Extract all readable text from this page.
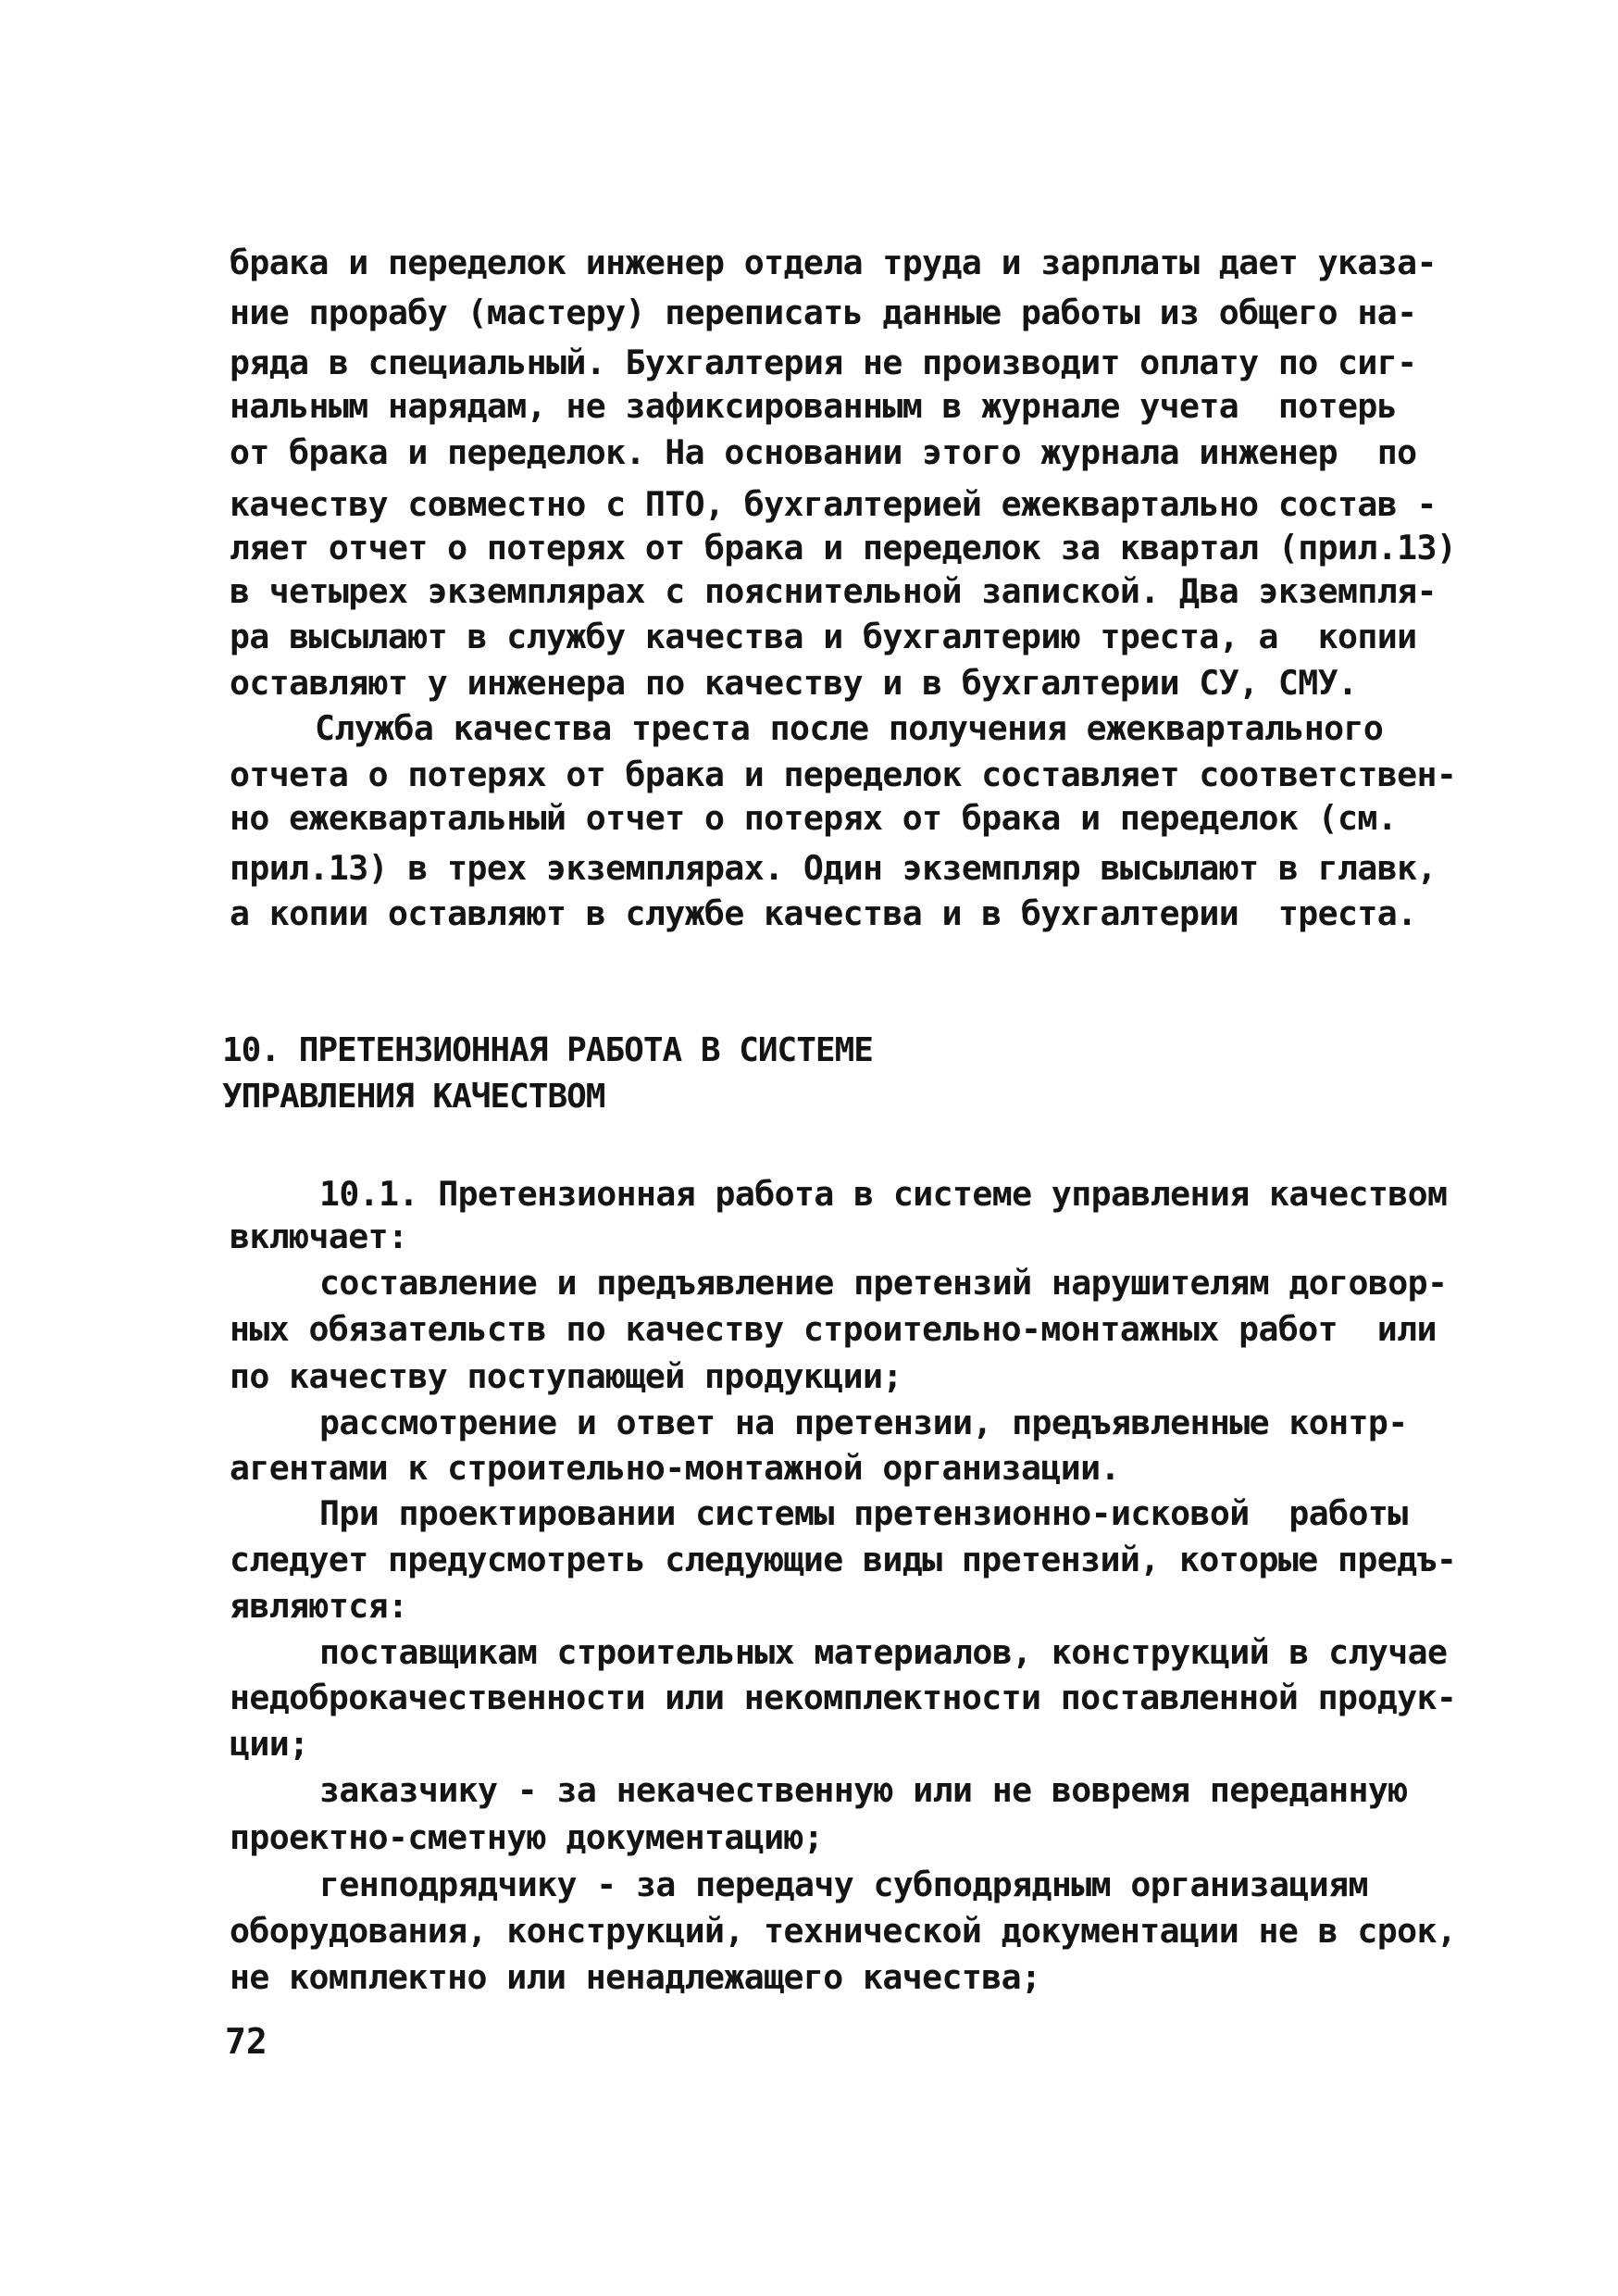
брака и переделок инженер отдела труда и зарплаты дает указа-
ние прорабу (мастеру) переписать данные работы из общего на-
ряда в специальный. Бухгалтерия не производит оплату по сиг-
нальным нарядам, не зафиксированным в журнале учета  потерь
от брака и переделок. На основании этого журнала инженер  по
качеству совместно с ПТО, бухгалтерией ежеквартально состав -
ляет отчет о потерях от брака и переделок за квартал (прил.13)
в четырех экземплярах с пояснительной запиской. Два экземпля-
ра высылают в службу качества и бухгалтерию треста, а  копии
оставляют у инженера по качеству и в бухгалтерии СУ, СМУ.
Служба качества треста после получения ежеквартального
отчета о потерях от брака и переделок составляет соответствен-
но ежеквартальный отчет о потерях от брака и переделок (см.
прил.13) в трех экземплярах. Один экземпляр высылают в главк,
а копии оставляют в службе качества и в бухгалтерии  треста.
10. ПРЕТЕНЗИОННАЯ РАБОТА В СИСТЕМЕ
УПРАВЛЕНИЯ КАЧЕСТВОМ
10.1. Претензионная работа в системе управления качеством
включает:
составление и предъявление претензий нарушителям договор-
ных обязательств по качеству строительно-монтажных работ  или
по качеству поступающей продукции;
рассмотрение и ответ на претензии, предъявленные контр-
агентами к строительно-монтажной организации.
При проектировании системы претензионно-исковой  работы
следует предусмотреть следующие виды претензий, которые предъ-
являются:
поставщикам строительных материалов, конструкций в случае
недоброкачественности или некомплектности поставленной продук-
ции;
заказчику - за некачественную или не вовремя переданную
проектно-сметную документацию;
генподрядчику - за передачу субподрядным организациям
оборудования, конструкций, технической документации не в срок,
не комплектно или ненадлежащего качества;
72
